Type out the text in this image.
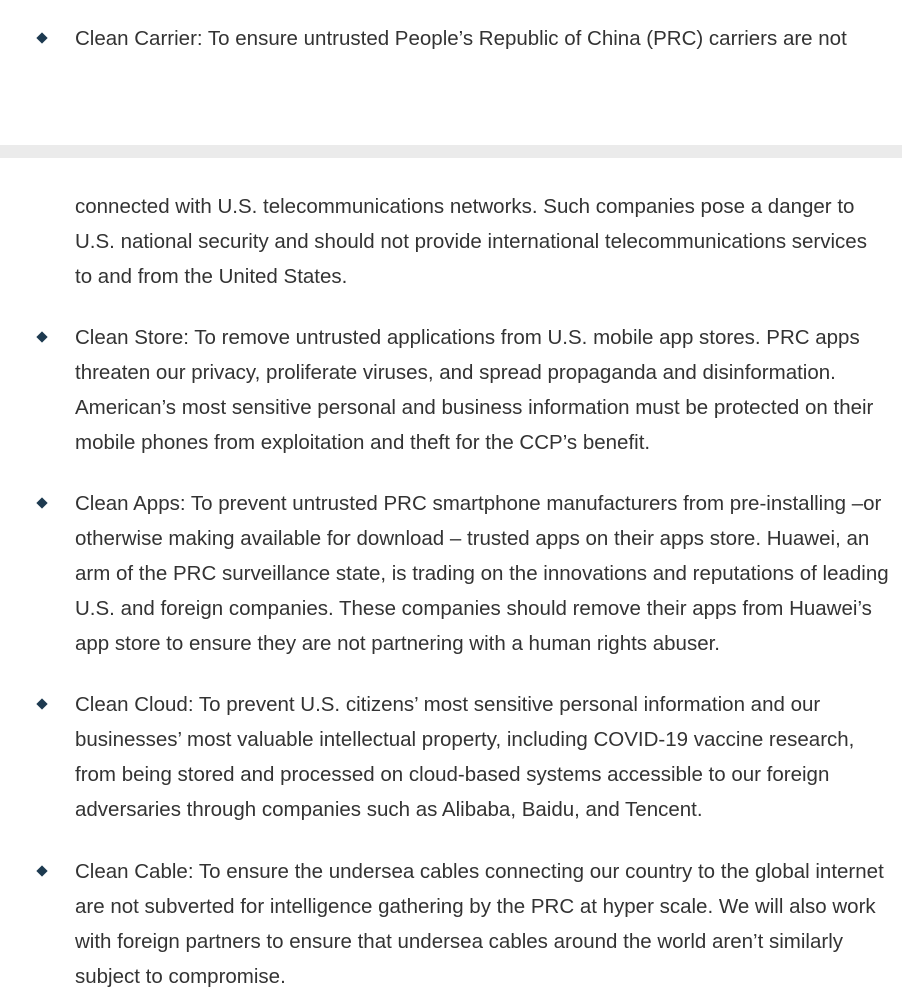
Clean Carrier: To ensure untrusted People’s Republic of China (PRC) carriers are not
connected with U.S. telecommunications networks. Such companies pose a danger to
U.S. national security and should not provide international telecommunications services
to and from the United States.
Clean Store: To remove untrusted applications from U.S. mobile app stores. PRC apps
threaten our privacy, proliferate viruses, and spread propaganda and disinformation.
American’s most sensitive personal and business information must be protected on their
mobile phones from exploitation and theft for the CCP’s benefit.
Clean Apps: To prevent untrusted PRC smartphone manufacturers from pre-installing –or
otherwise making available for download – trusted apps on their apps store. Huawei, an
arm of the PRC surveillance state, is trading on the innovations and reputations of leading
U.S. and foreign companies. These companies should remove their apps from Huawei’s
app store to ensure they are not partnering with a human rights abuser.
Clean Cloud: To prevent U.S. citizens’ most sensitive personal information and our
businesses’ most valuable intellectual property, including COVID-19 vaccine research,
from being stored and processed on cloud-based systems accessible to our foreign
adversaries through companies such as Alibaba, Baidu, and Tencent.
Clean Cable: To ensure the undersea cables connecting our country to the global internet
are not subverted for intelligence gathering by the PRC at hyper scale. We will also work
with foreign partners to ensure that undersea cables around the world aren’t similarly
subject to compromise.
